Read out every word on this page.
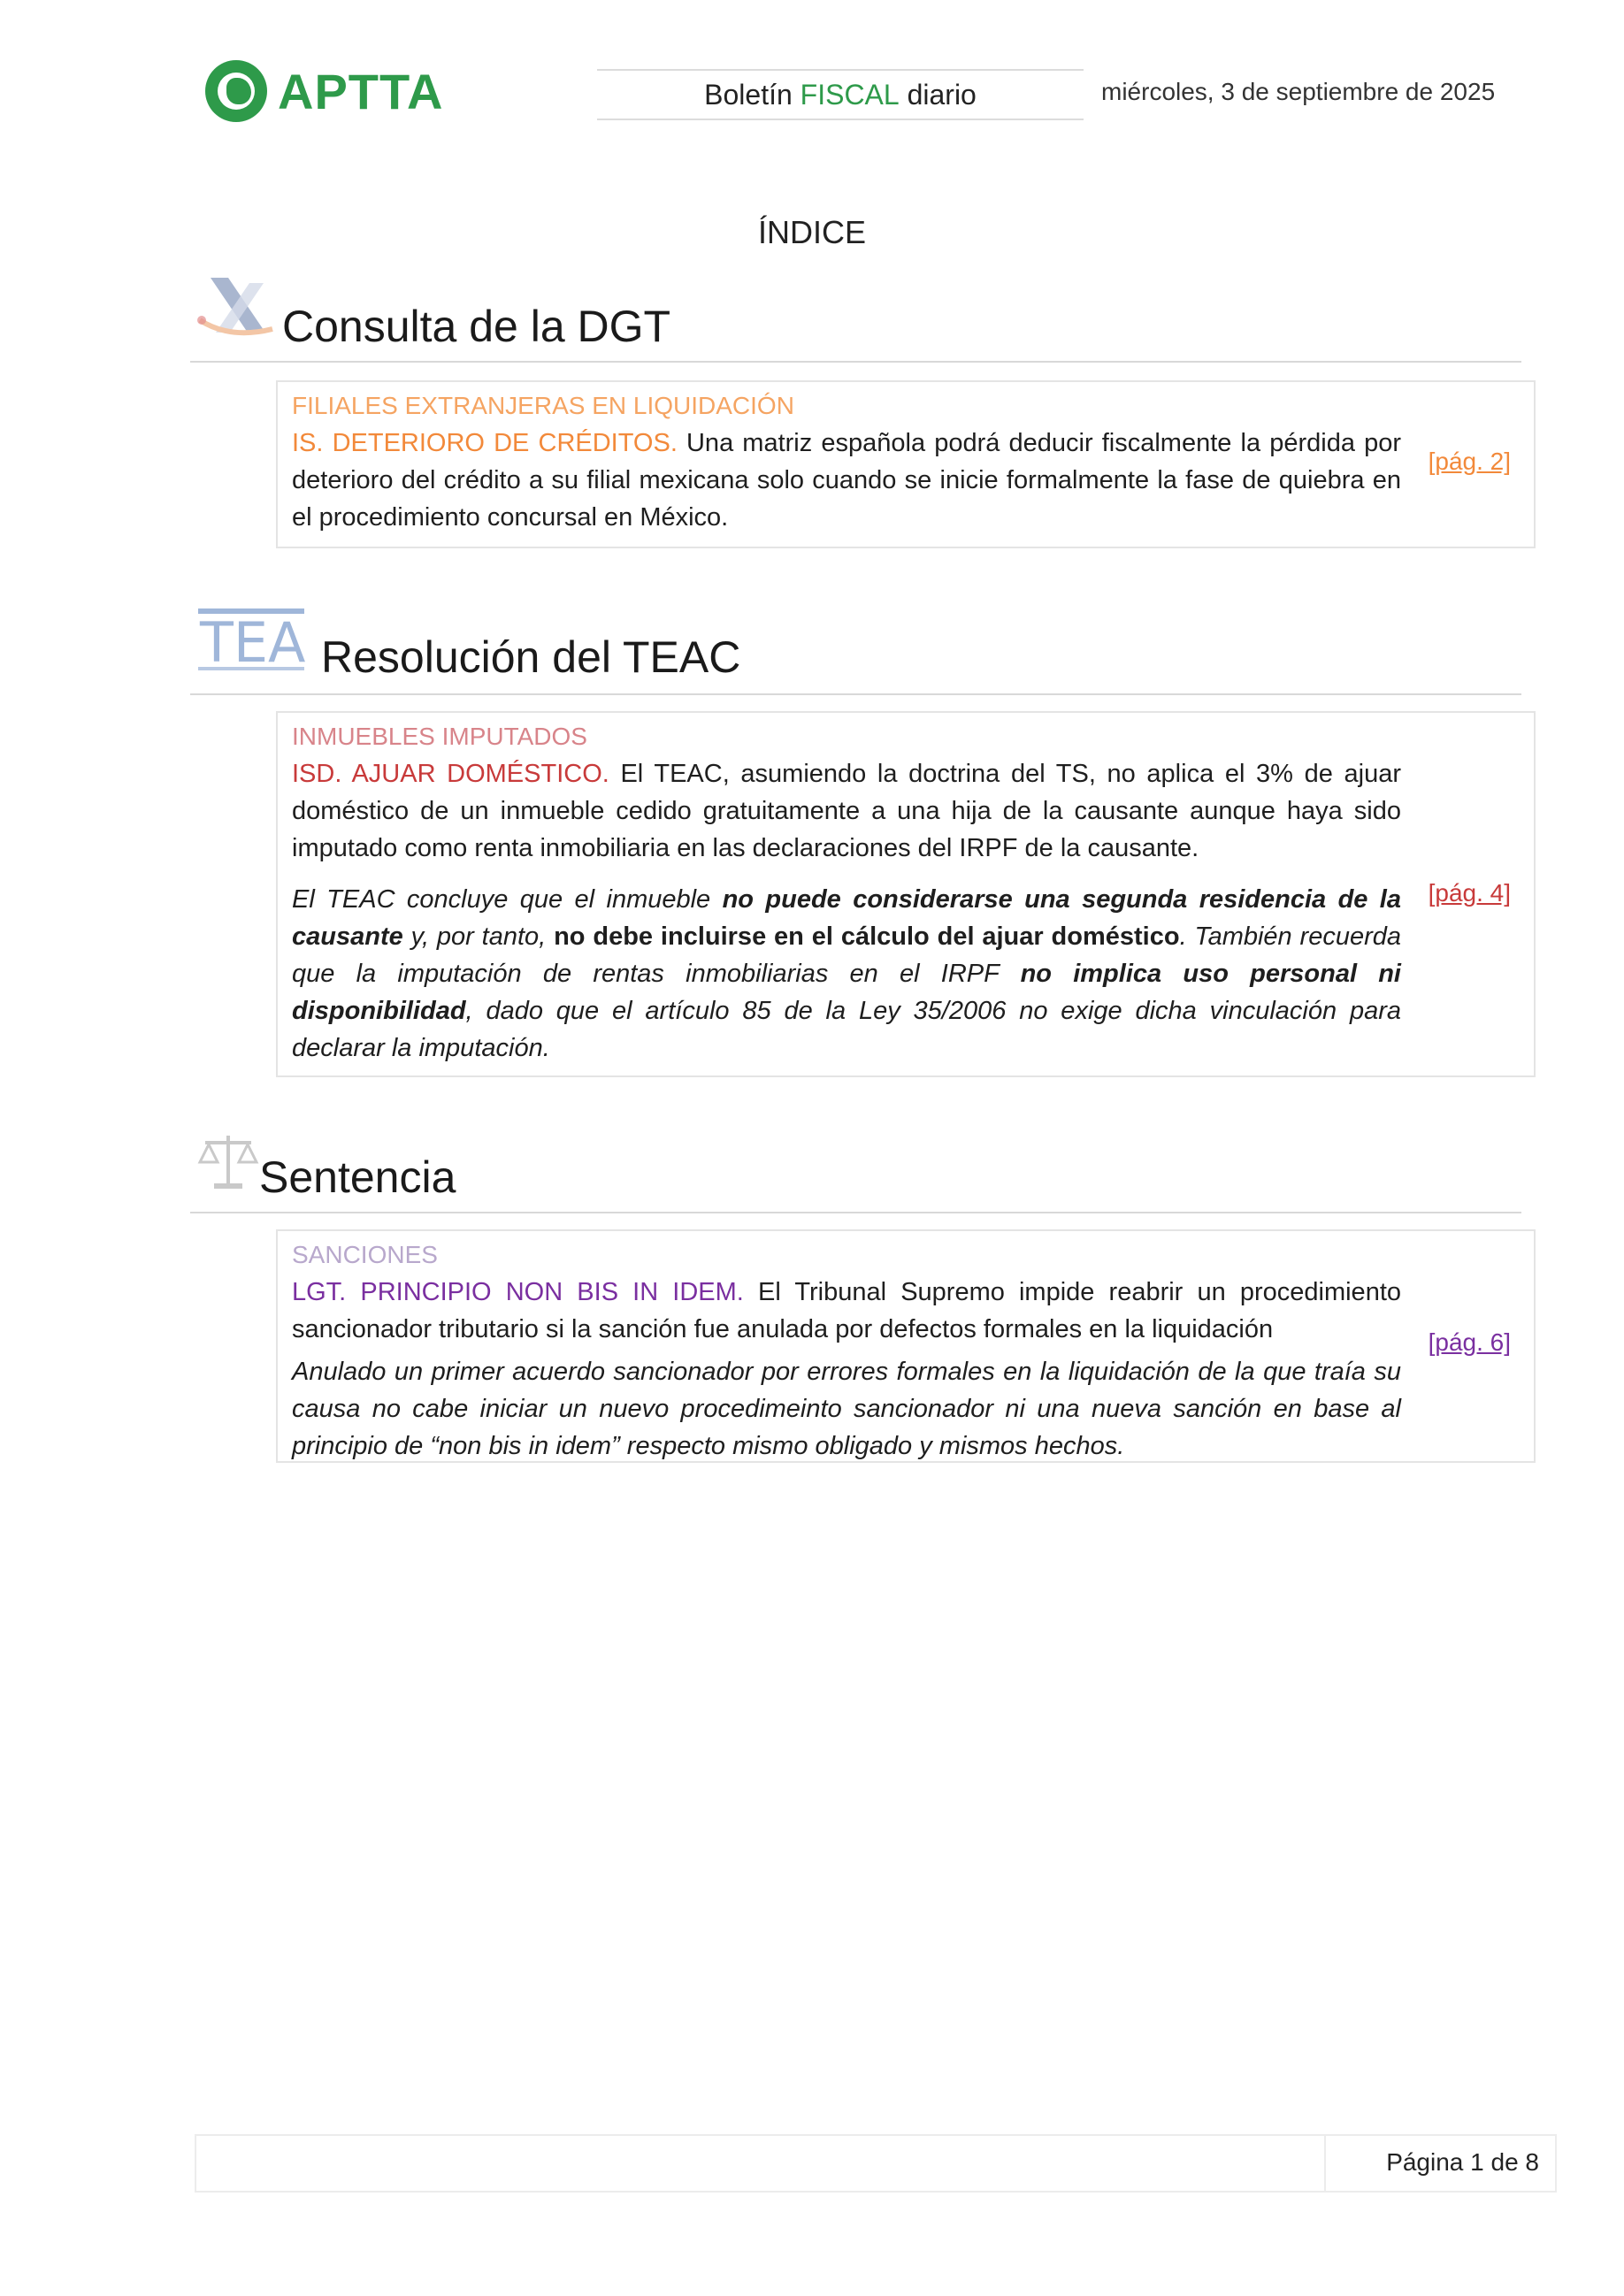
APTTA	Boletín FISCAL diario	miércoles, 3 de septiembre de 2025
ÍNDICE
Consulta de la DGT
FILIALES EXTRANJERAS EN LIQUIDACIÓN
IS. DETERIORO DE CRÉDITOS. Una matriz española podrá deducir fiscalmente la pérdida por deterioro del crédito a su filial mexicana solo cuando se inicie formalmente la fase de quiebra en el procedimiento concursal en México.
[pág. 2]
TEA Resolución del TEAC
INMUEBLES IMPUTADOS
ISD. AJUAR DOMÉSTICO. El TEAC, asumiendo la doctrina del TS, no aplica el 3% de ajuar doméstico de un inmueble cedido gratuitamente a una hija de la causante aunque haya sido imputado como renta inmobiliaria en las declaraciones del IRPF de la causante.
El TEAC concluye que el inmueble no puede considerarse una segunda residencia de la causante y, por tanto, no debe incluirse en el cálculo del ajuar doméstico. También recuerda que la imputación de rentas inmobiliarias en el IRPF no implica uso personal ni disponibilidad, dado que el artículo 85 de la Ley 35/2006 no exige dicha vinculación para declarar la imputación.
[pág. 4]
Sentencia
SANCIONES
LGT. PRINCIPIO NON BIS IN IDEM. El Tribunal Supremo impide reabrir un procedimiento sancionador tributario si la sanción fue anulada por defectos formales en la liquidación
Anulado un primer acuerdo sancionador por errores formales en la liquidación de la que traía su causa no cabe iniciar un nuevo procedimeinto sancionador ni una nueva sanción en base al principio de “non bis in idem” respecto mismo obligado y mismos hechos.
[pág. 6]
Página 1 de 8
